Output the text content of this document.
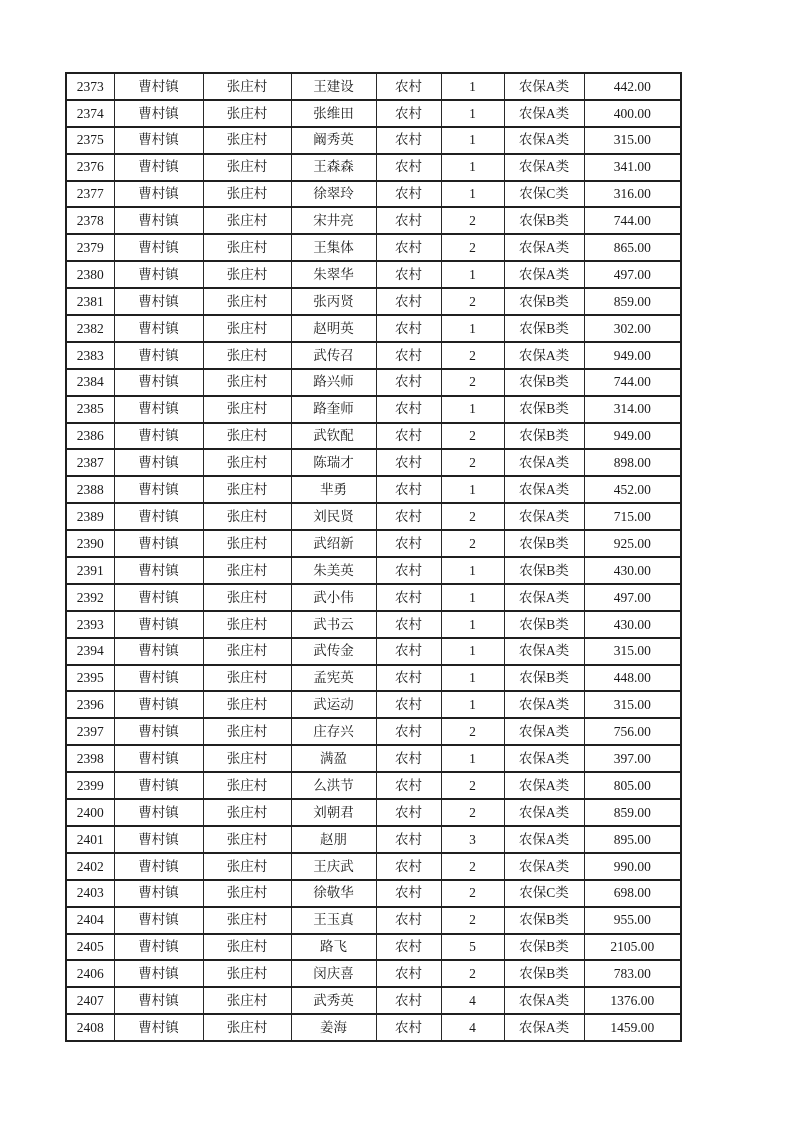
2373	曹村镇	张庄村	王建设	农村	1	农保A类	442.00
2374	曹村镇	张庄村	张维田	农村	1	农保A类	400.00
2375	曹村镇	张庄村	阚秀英	农村	1	农保A类	315.00
2376	曹村镇	张庄村	王森森	农村	1	农保A类	341.00
2377	曹村镇	张庄村	徐翠玲	农村	1	农保C类	316.00
2378	曹村镇	张庄村	宋井亮	农村	2	农保B类	744.00
2379	曹村镇	张庄村	王集体	农村	2	农保A类	865.00
2380	曹村镇	张庄村	朱翠华	农村	1	农保A类	497.00
2381	曹村镇	张庄村	张丙贤	农村	2	农保B类	859.00
2382	曹村镇	张庄村	赵明英	农村	1	农保B类	302.00
2383	曹村镇	张庄村	武传召	农村	2	农保A类	949.00
2384	曹村镇	张庄村	路兴师	农村	2	农保B类	744.00
2385	曹村镇	张庄村	路奎师	农村	1	农保B类	314.00
2386	曹村镇	张庄村	武钦配	农村	2	农保B类	949.00
2387	曹村镇	张庄村	陈瑞才	农村	2	农保A类	898.00
2388	曹村镇	张庄村	芈勇	农村	1	农保A类	452.00
2389	曹村镇	张庄村	刘民贤	农村	2	农保A类	715.00
2390	曹村镇	张庄村	武绍新	农村	2	农保B类	925.00
2391	曹村镇	张庄村	朱美英	农村	1	农保B类	430.00
2392	曹村镇	张庄村	武小伟	农村	1	农保A类	497.00
2393	曹村镇	张庄村	武书云	农村	1	农保B类	430.00
2394	曹村镇	张庄村	武传金	农村	1	农保A类	315.00
2395	曹村镇	张庄村	孟宪英	农村	1	农保B类	448.00
2396	曹村镇	张庄村	武运动	农村	1	农保A类	315.00
2397	曹村镇	张庄村	庄存兴	农村	2	农保A类	756.00
2398	曹村镇	张庄村	满盈	农村	1	农保A类	397.00
2399	曹村镇	张庄村	么洪节	农村	2	农保A类	805.00
2400	曹村镇	张庄村	刘朝君	农村	2	农保A类	859.00
2401	曹村镇	张庄村	赵朋	农村	3	农保A类	895.00
2402	曹村镇	张庄村	王庆武	农村	2	农保A类	990.00
2403	曹村镇	张庄村	徐敬华	农村	2	农保C类	698.00
2404	曹村镇	张庄村	王玉真	农村	2	农保B类	955.00
2405	曹村镇	张庄村	路飞	农村	5	农保B类	2105.00
2406	曹村镇	张庄村	闵庆喜	农村	2	农保B类	783.00
2407	曹村镇	张庄村	武秀英	农村	4	农保A类	1376.00
2408	曹村镇	张庄村	姜海	农村	4	农保A类	1459.00
